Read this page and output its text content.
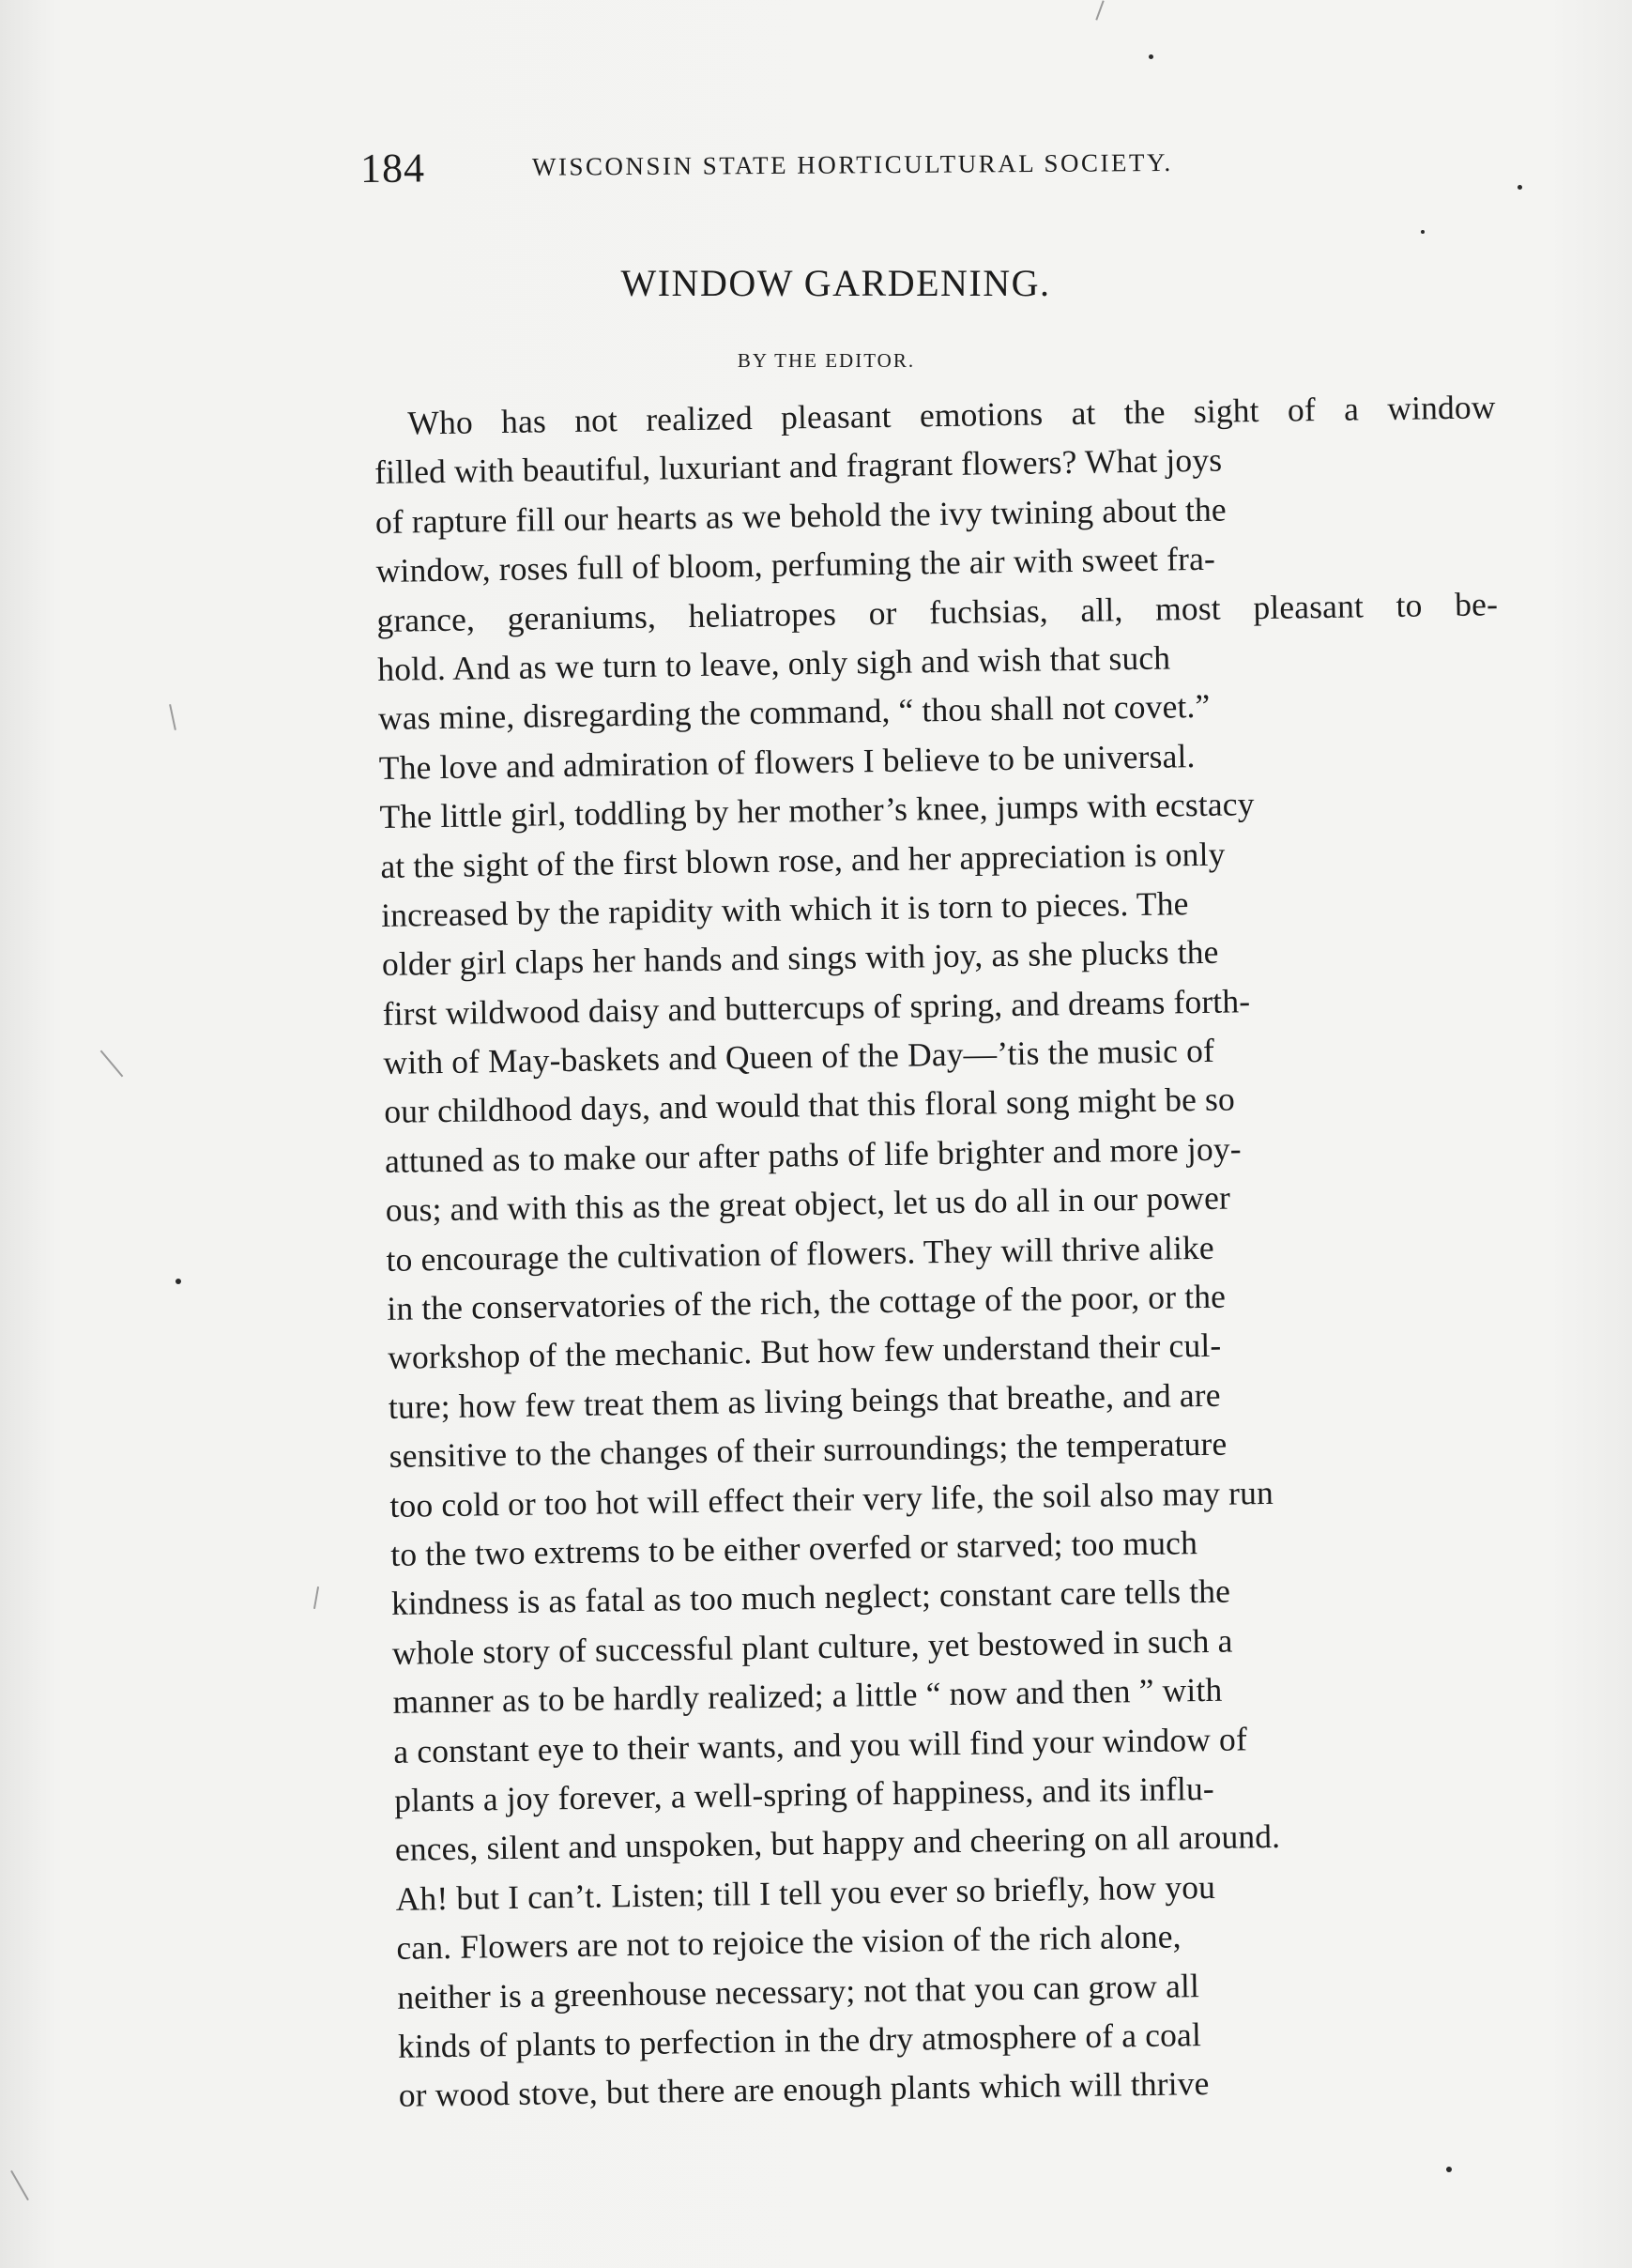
184	WISCONSIN STATE HORTICULTURAL SOCIETY.
WINDOW GARDENING.
BY THE EDITOR.
Who has not realized pleasant emotions at the sight of a window
filled with beautiful, luxuriant and fragrant flowers? What joys
of rapture fill our hearts as we behold the ivy twining about the
window, roses full of bloom, perfuming the air with sweet fra-
grance, geraniums, heliatropes or fuchsias, all, most pleasant to be-
hold. And as we turn to leave, only sigh and wish that such
was mine, disregarding the command, “ thou shall not covet.”
The love and admiration of flowers I believe to be universal.
The little girl, toddling by her mother’s knee, jumps with ecstacy
at the sight of the first blown rose, and her appreciation is only
increased by the rapidity with which it is torn to pieces. The
older girl claps her hands and sings with joy, as she plucks the
first wildwood daisy and buttercups of spring, and dreams forth-
with of May-baskets and Queen of the Day—’tis the music of
our childhood days, and would that this floral song might be so
attuned as to make our after paths of life brighter and more joy-
ous; and with this as the great object, let us do all in our power
to encourage the cultivation of flowers. They will thrive alike
in the conservatories of the rich, the cottage of the poor, or the
workshop of the mechanic. But how few understand their cul-
ture; how few treat them as living beings that breathe, and are
sensitive to the changes of their surroundings; the temperature
too cold or too hot will effect their very life, the soil also may run
to the two extrems to be either overfed or starved; too much
kindness is as fatal as too much neglect; constant care tells the
whole story of successful plant culture, yet bestowed in such a
manner as to be hardly realized; a little “ now and then ” with
a constant eye to their wants, and you will find your window of
plants a joy forever, a well-spring of happiness, and its influ-
ences, silent and unspoken, but happy and cheering on all around.
Ah! but I can’t. Listen; till I tell you ever so briefly, how you
can. Flowers are not to rejoice the vision of the rich alone,
neither is a greenhouse necessary; not that you can grow all
kinds of plants to perfection in the dry atmosphere of a coal
or wood stove, but there are enough plants which will thrive
